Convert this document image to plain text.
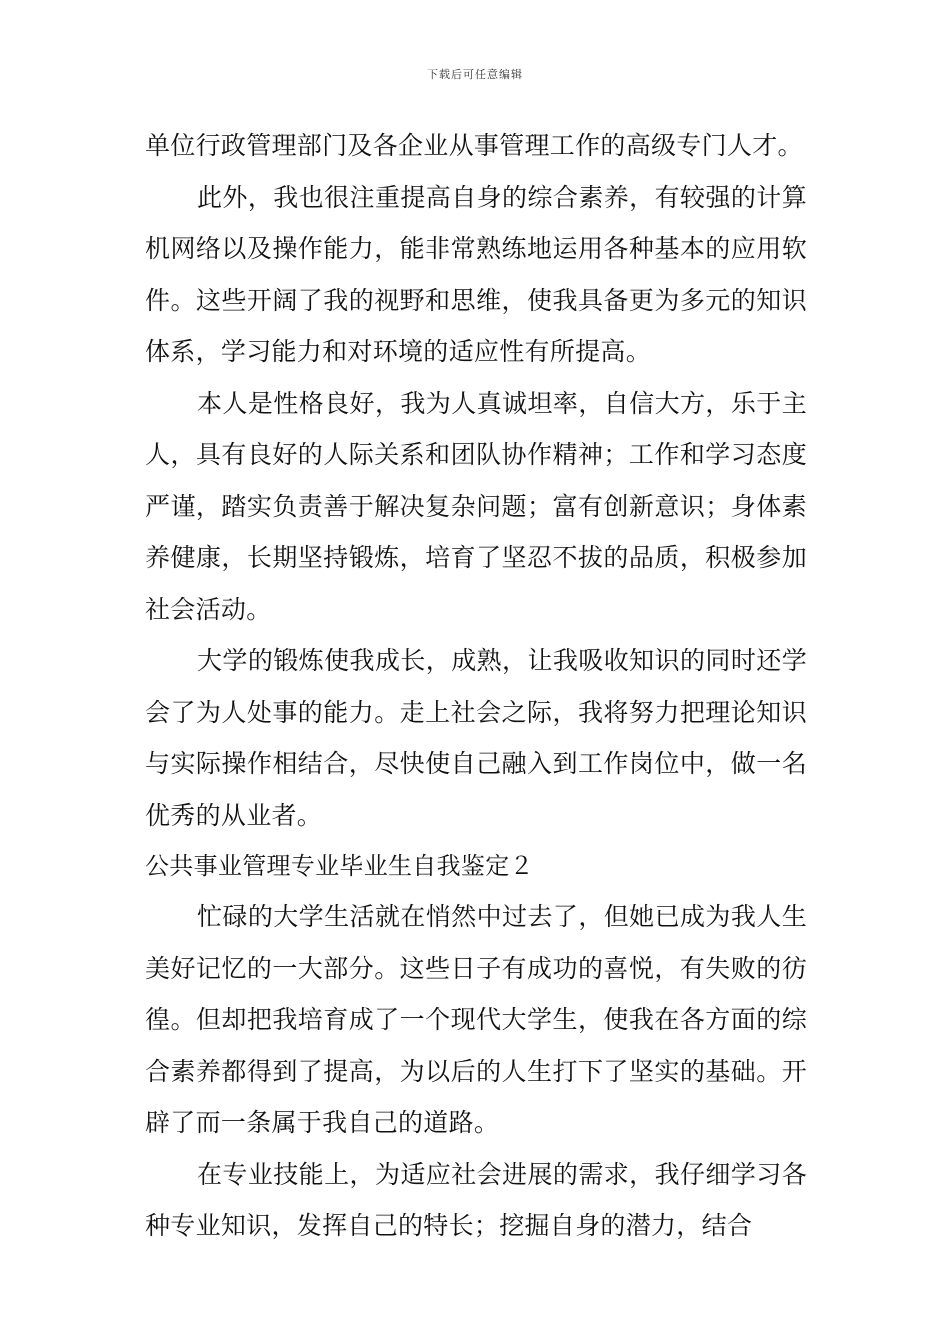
下载后可任意编辑

单位行政管理部门及各企业从事管理工作的高级专门人才。

此外，我也很注重提高自身的综合素养，有较强的计算机网络以及操作能力，能非常熟练地运用各种基本的应用软件。这些开阔了我的视野和思维，使我具备更为多元的知识体系，学习能力和对环境的适应性有所提高。

本人是性格良好，我为人真诚坦率，自信大方，乐于主人，具有良好的人际关系和团队协作精神；工作和学习态度严谨，踏实负责善于解决复杂问题；富有创新意识；身体素养健康，长期坚持锻炼，培育了坚忍不拔的品质，积极参加社会活动。

大学的锻炼使我成长，成熟，让我吸收知识的同时还学会了为人处事的能力。走上社会之际，我将努力把理论知识与实际操作相结合，尽快使自己融入到工作岗位中，做一名优秀的从业者。

公共事业管理专业毕业生自我鉴定２

忙碌的大学生活就在悄然中过去了，但她已成为我人生美好记忆的一大部分。这些日子有成功的喜悦，有失败的彷徨。但却把我培育成了一个现代大学生，使我在各方面的综合素养都得到了提高，为以后的人生打下了坚实的基础。开辟了而一条属于我自己的道路。

在专业技能上，为适应社会进展的需求，我仔细学习各种专业知识，发挥自己的特长；挖掘自身的潜力，结合
